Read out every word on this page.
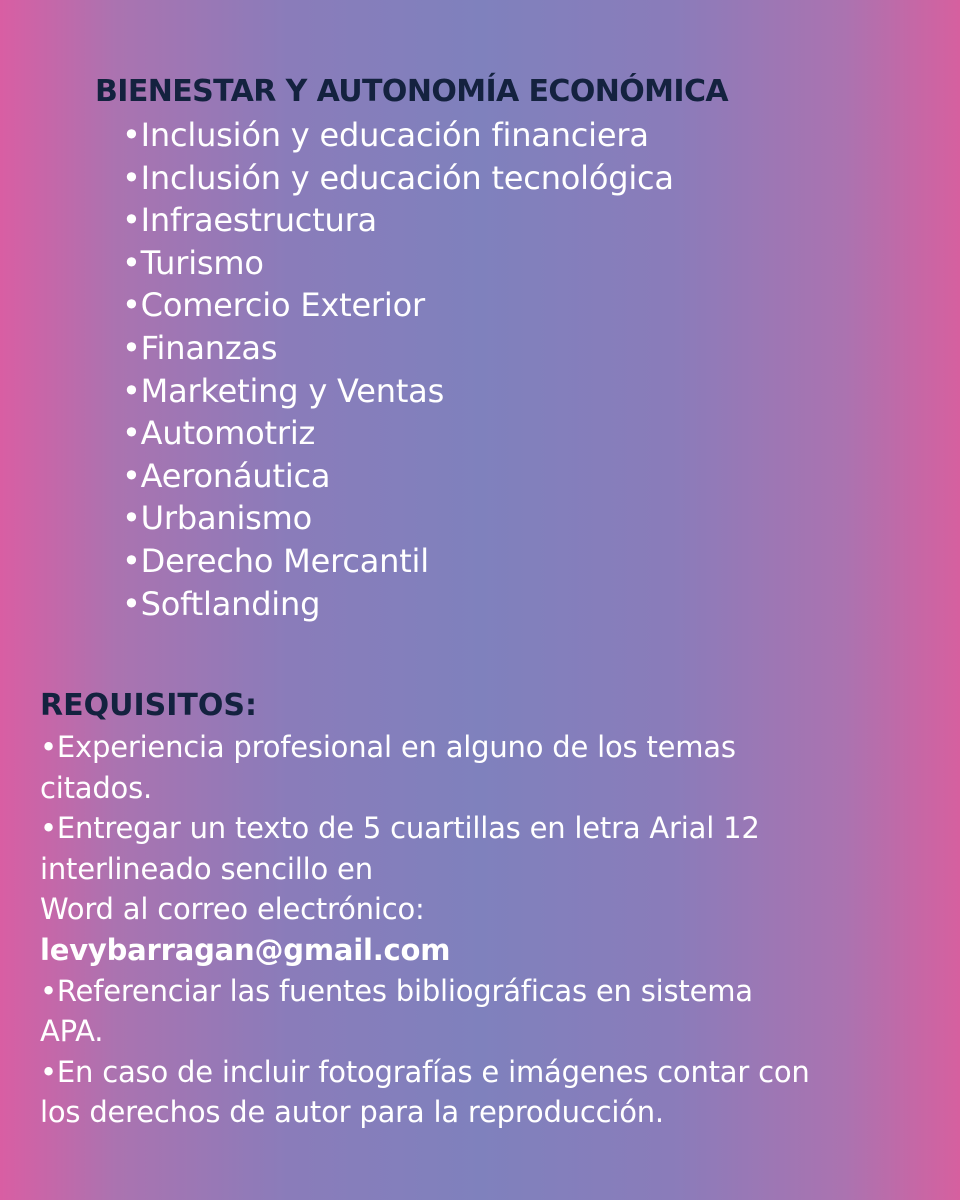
BIENESTAR Y AUTONOMÍA ECONÓMICA
•Inclusión y educación financiera
•Inclusión y educación tecnológica
•Infraestructura
•Turismo
•Comercio Exterior
•Finanzas
•Marketing y Ventas
•Automotriz
•Aeronáutica
•Urbanismo
•Derecho Mercantil
•Softlanding
REQUISITOS:
•Experiencia profesional en alguno de los temas
citados.
•Entregar un texto de 5 cuartillas en letra Arial 12
interlineado sencillo en
Word al correo electrónico:
levybarragan@gmail.com
•Referenciar las fuentes bibliográficas en sistema
APA.
•En caso de incluir fotografías e imágenes contar con
los derechos de autor para la reproducción.
